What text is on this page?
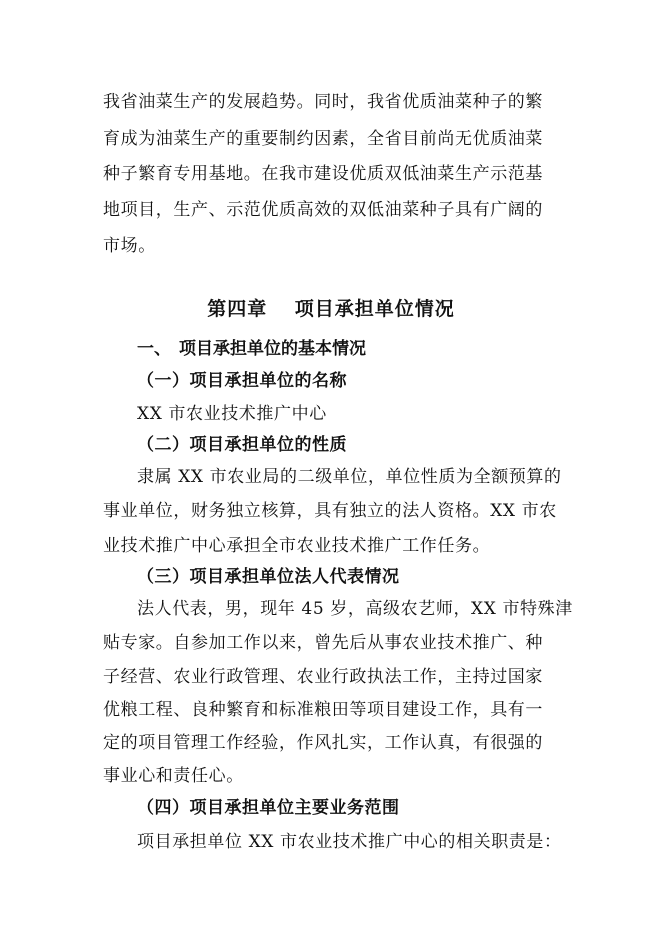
我省油菜生产的发展趋势。同时，我省优质油菜种子的繁
育成为油菜生产的重要制约因素，全省目前尚无优质油菜
种子繁育专用基地。在我市建设优质双低油菜生产示范基
地项目，生产、示范优质高效的双低油菜种子具有广阔的
市场。
第四章　 项目承担单位情况
一、 项目承担单位的基本情况
（一）项目承担单位的名称
XX 市农业技术推广中心
（二）项目承担单位的性质
隶属 XX 市农业局的二级单位，单位性质为全额预算的
事业单位，财务独立核算，具有独立的法人资格。XX 市农
业技术推广中心承担全市农业技术推广工作任务。
（三）项目承担单位法人代表情况
法人代表，男，现年 45 岁，高级农艺师，XX 市特殊津
贴专家。自参加工作以来，曾先后从事农业技术推广、种
子经营、农业行政管理、农业行政执法工作，主持过国家
优粮工程、良种繁育和标准粮田等项目建设工作，具有一
定的项目管理工作经验，作风扎实，工作认真，有很强的
事业心和责任心。
（四）项目承担单位主要业务范围
项目承担单位 XX 市农业技术推广中心的相关职责是：
